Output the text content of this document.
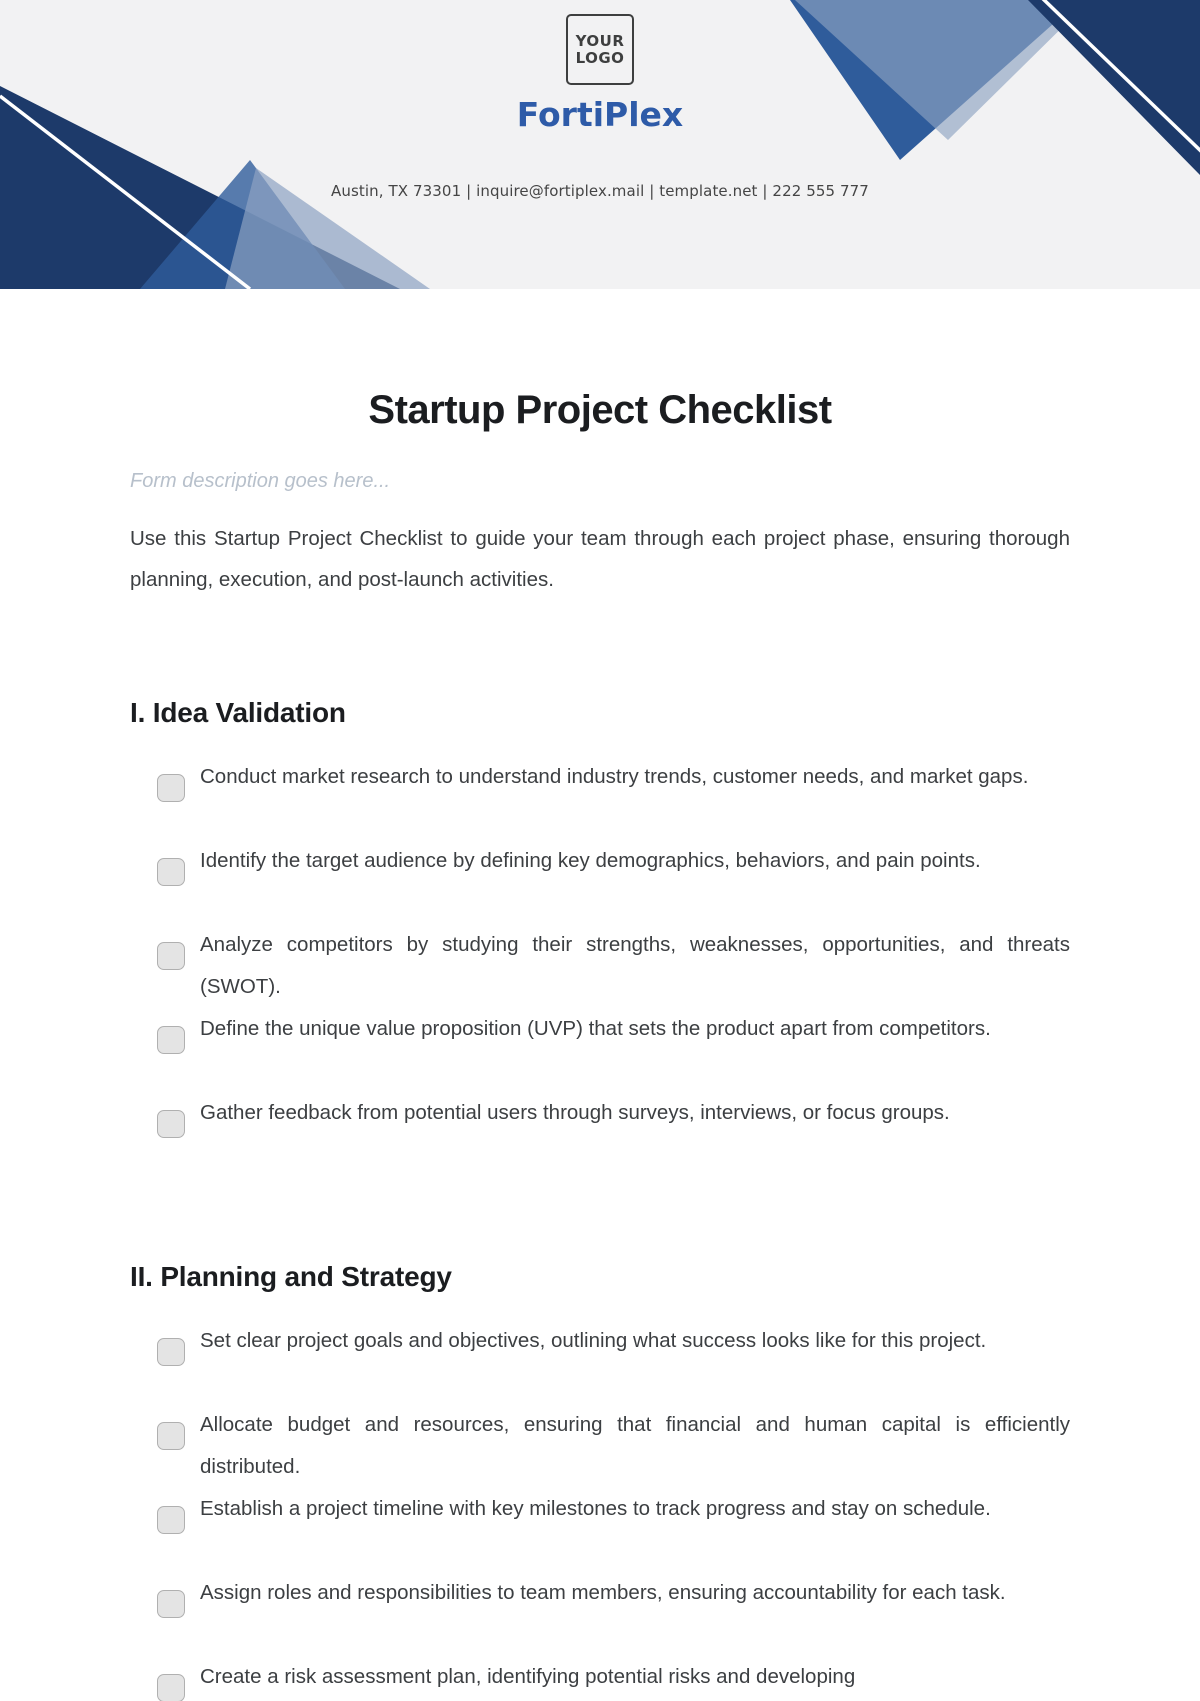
YOUR
LOGO
FortiPlex
Austin, TX 73301 | inquire@fortiplex.mail | template.net | 222 555 777
Startup Project Checklist
Form description goes here...

Use this Startup Project Checklist to guide your team through each project phase, ensuring thorough planning, execution, and post-launch activities.

I. Idea Validation
Conduct market research to understand industry trends, customer needs, and market gaps.
Identify the target audience by defining key demographics, behaviors, and pain points.
Analyze competitors by studying their strengths, weaknesses, opportunities, and threats (SWOT).
Define the unique value proposition (UVP) that sets the product apart from competitors.
Gather feedback from potential users through surveys, interviews, or focus groups.
II. Planning and Strategy
Set clear project goals and objectives, outlining what success looks like for this project.
Allocate budget and resources, ensuring that financial and human capital is efficiently distributed.
Establish a project timeline with key milestones to track progress and stay on schedule.
Assign roles and responsibilities to team members, ensuring accountability for each task.
Create a risk assessment plan, identifying potential risks and developing
